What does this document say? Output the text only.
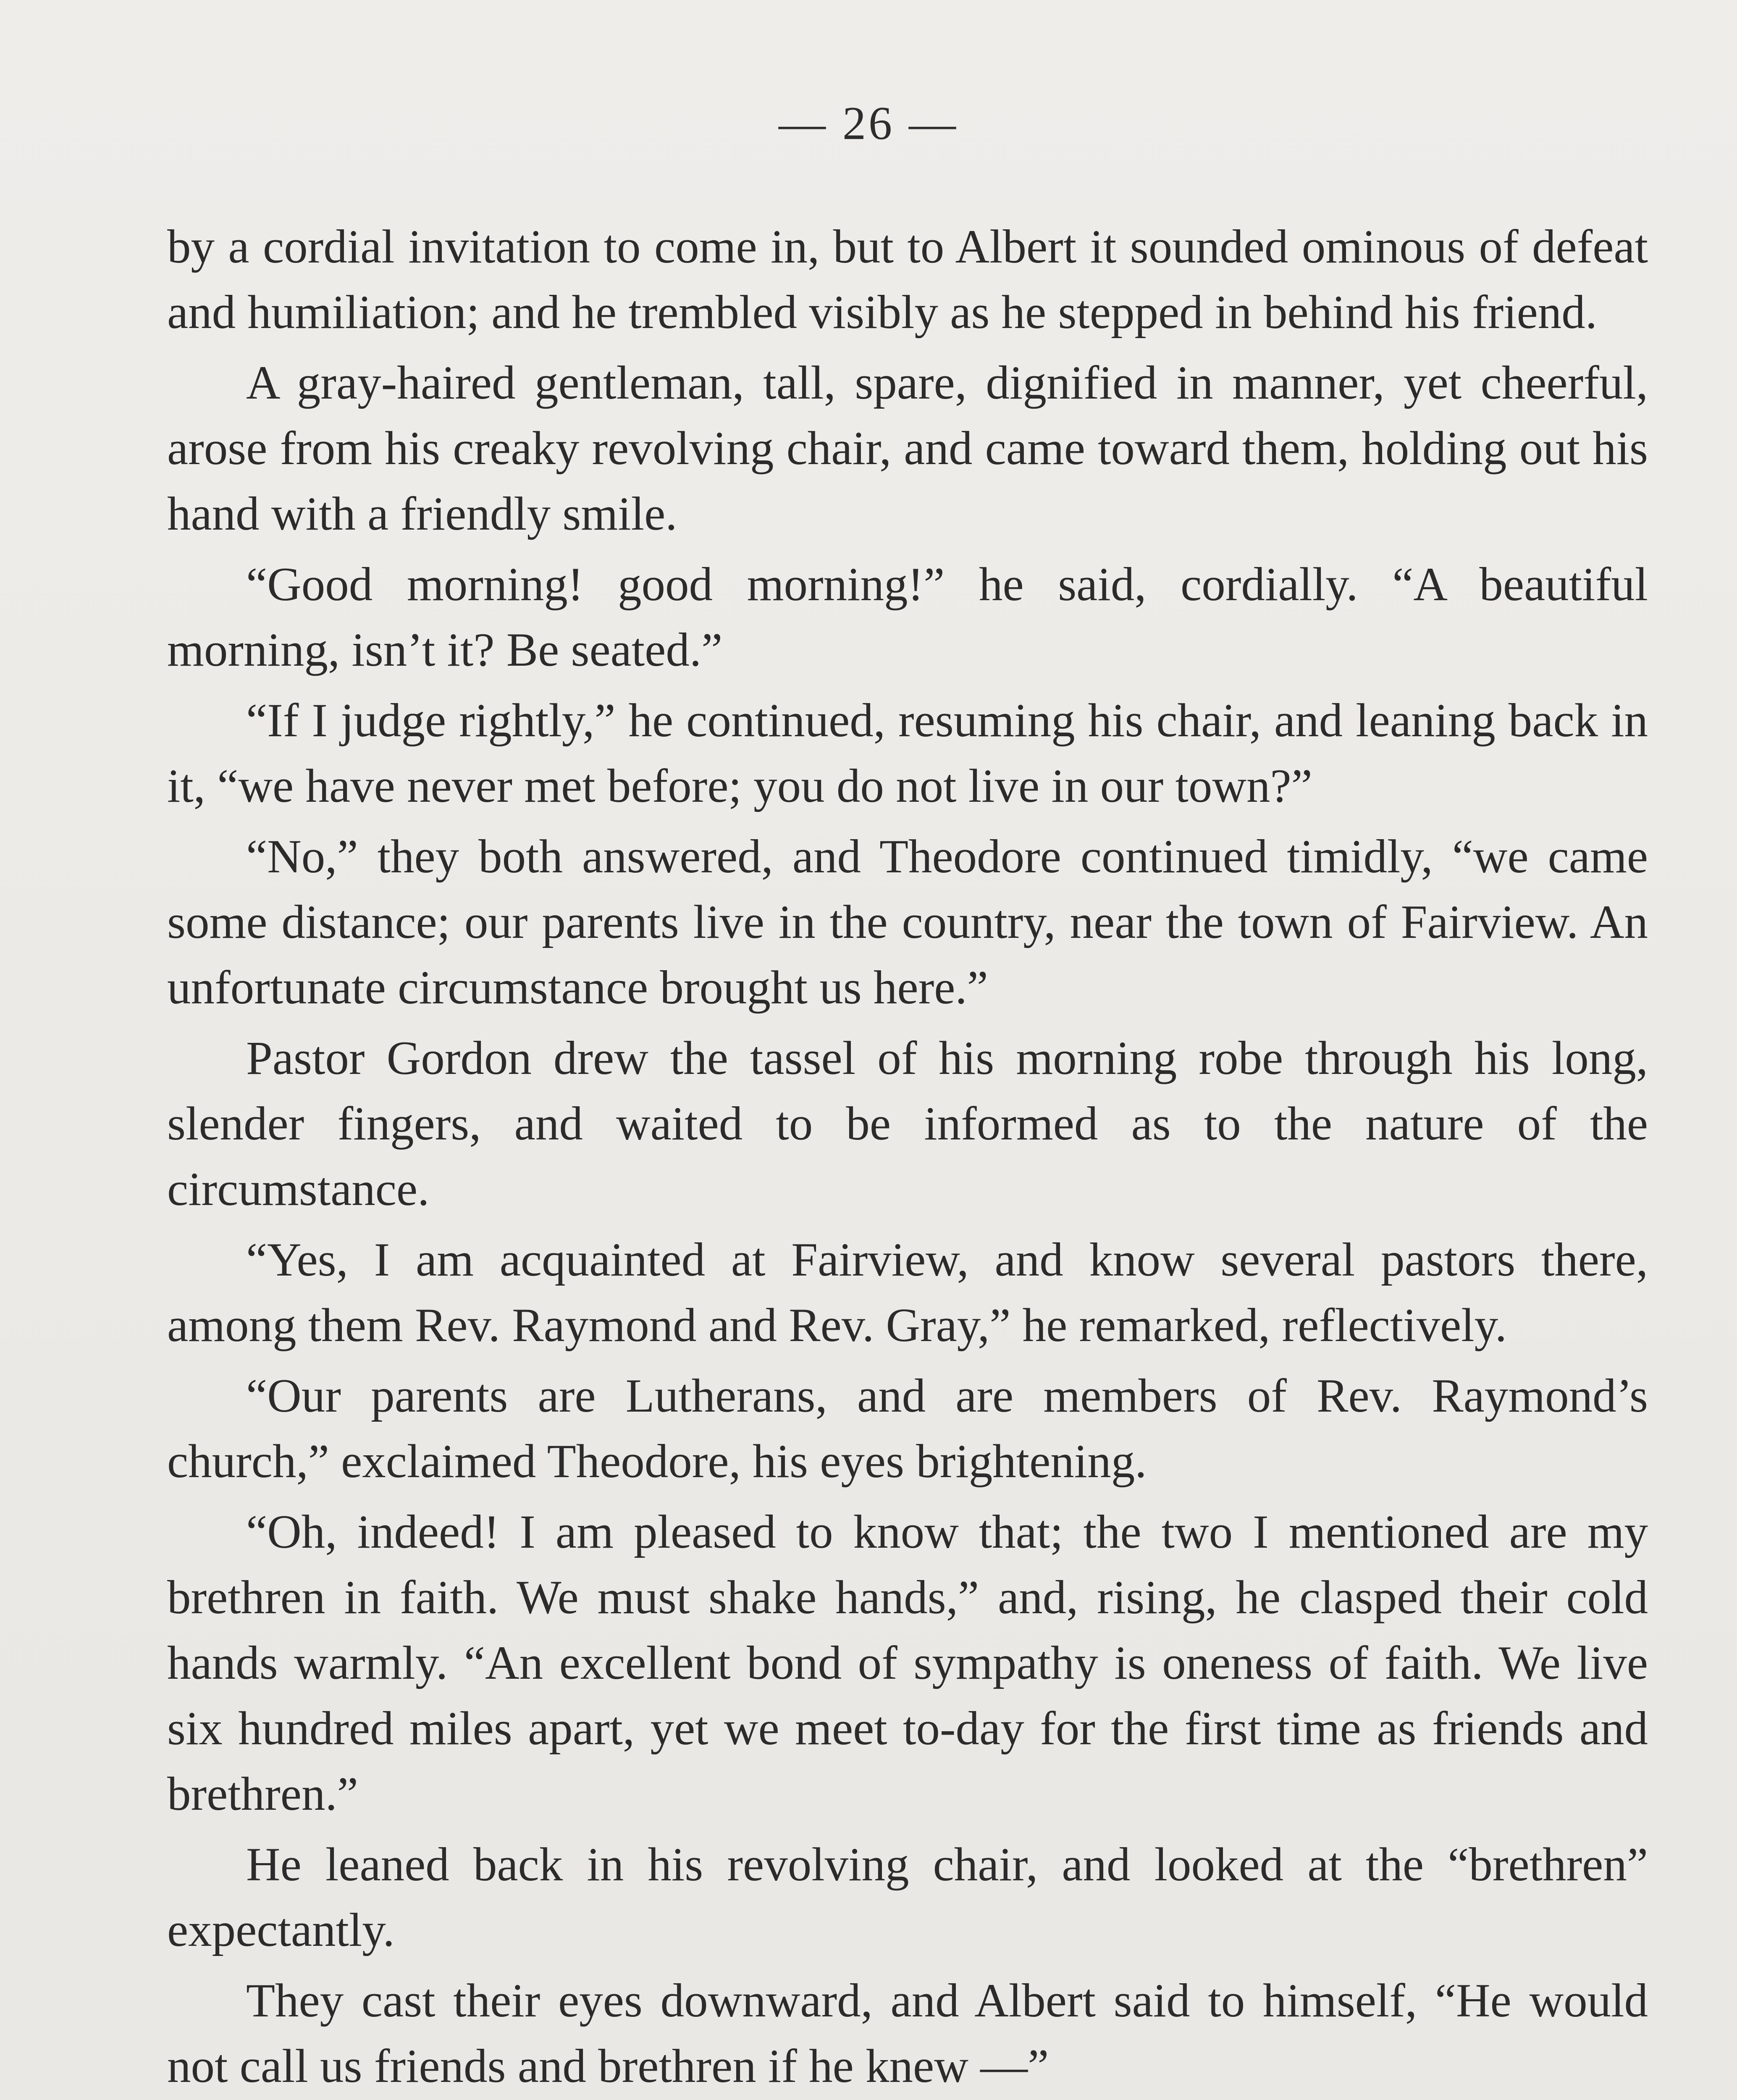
— 26 —

by a cordial invitation to come in, but to Albert it sounded ominous of defeat and humiliation; and he trembled visibly as he stepped in behind his friend.

A gray-haired gentleman, tall, spare, dignified in manner, yet cheerful, arose from his creaky revolving chair, and came toward them, holding out his hand with a friendly smile.

“Good morning! good morning!” he said, cordially. “A beautiful morning, isn’t it? Be seated.”

“If I judge rightly,” he continued, resuming his chair, and leaning back in it, “we have never met before; you do not live in our town?”

“No,” they both answered, and Theodore continued timidly, “we came some distance; our parents live in the country, near the town of Fairview. An unfortunate circumstance brought us here.”

Pastor Gordon drew the tassel of his morning robe through his long, slender fingers, and waited to be informed as to the nature of the circumstance.

“Yes, I am acquainted at Fairview, and know several pastors there, among them Rev. Raymond and Rev. Gray,” he remarked, reflectively.

“Our parents are Lutherans, and are members of Rev. Raymond’s church,” exclaimed Theodore, his eyes brightening.

“Oh, indeed! I am pleased to know that; the two I mentioned are my brethren in faith. We must shake hands,” and, rising, he clasped their cold hands warmly. “An excellent bond of sympathy is oneness of faith. We live six hundred miles apart, yet we meet to-day for the first time as friends and brethren.”

He leaned back in his revolving chair, and looked at the “brethren” expectantly.

They cast their eyes downward, and Albert said to himself, “He would not call us friends and brethren if he knew —”
